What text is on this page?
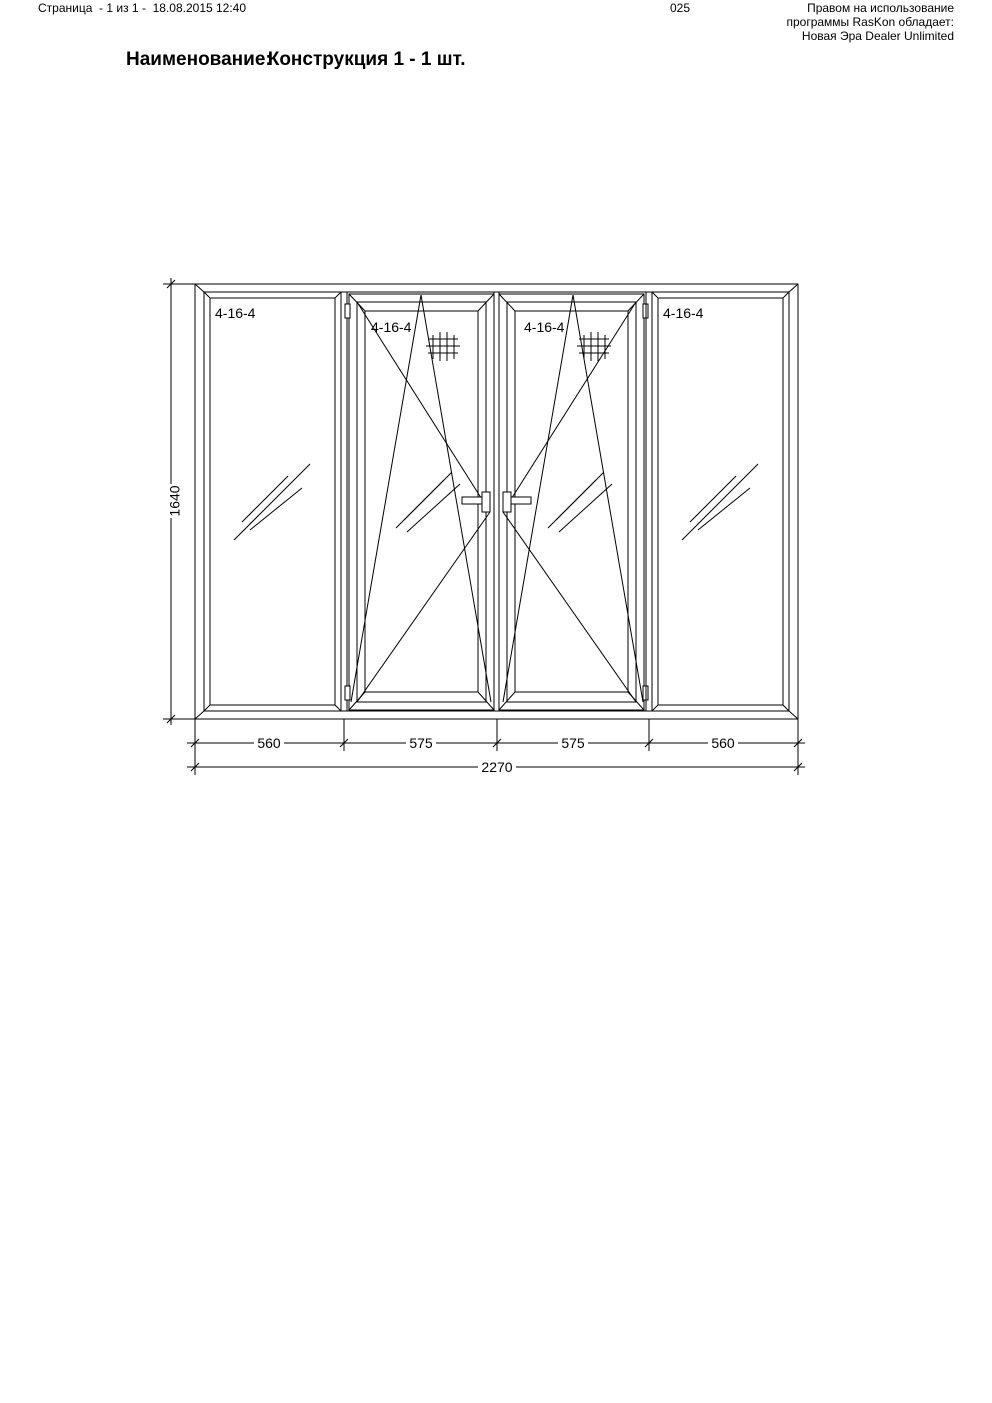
Страница  - 1 из 1 -  18.08.2015 12:40	025	Правом на использование
программы RasKon обладает:
Новая Эра Dealer Unlimited
Наименование:Конструкция 1 - 1 шт.
4-16-4
4-16-4	4-16-4
4-16-4
1640
560	575	575	560
2270
